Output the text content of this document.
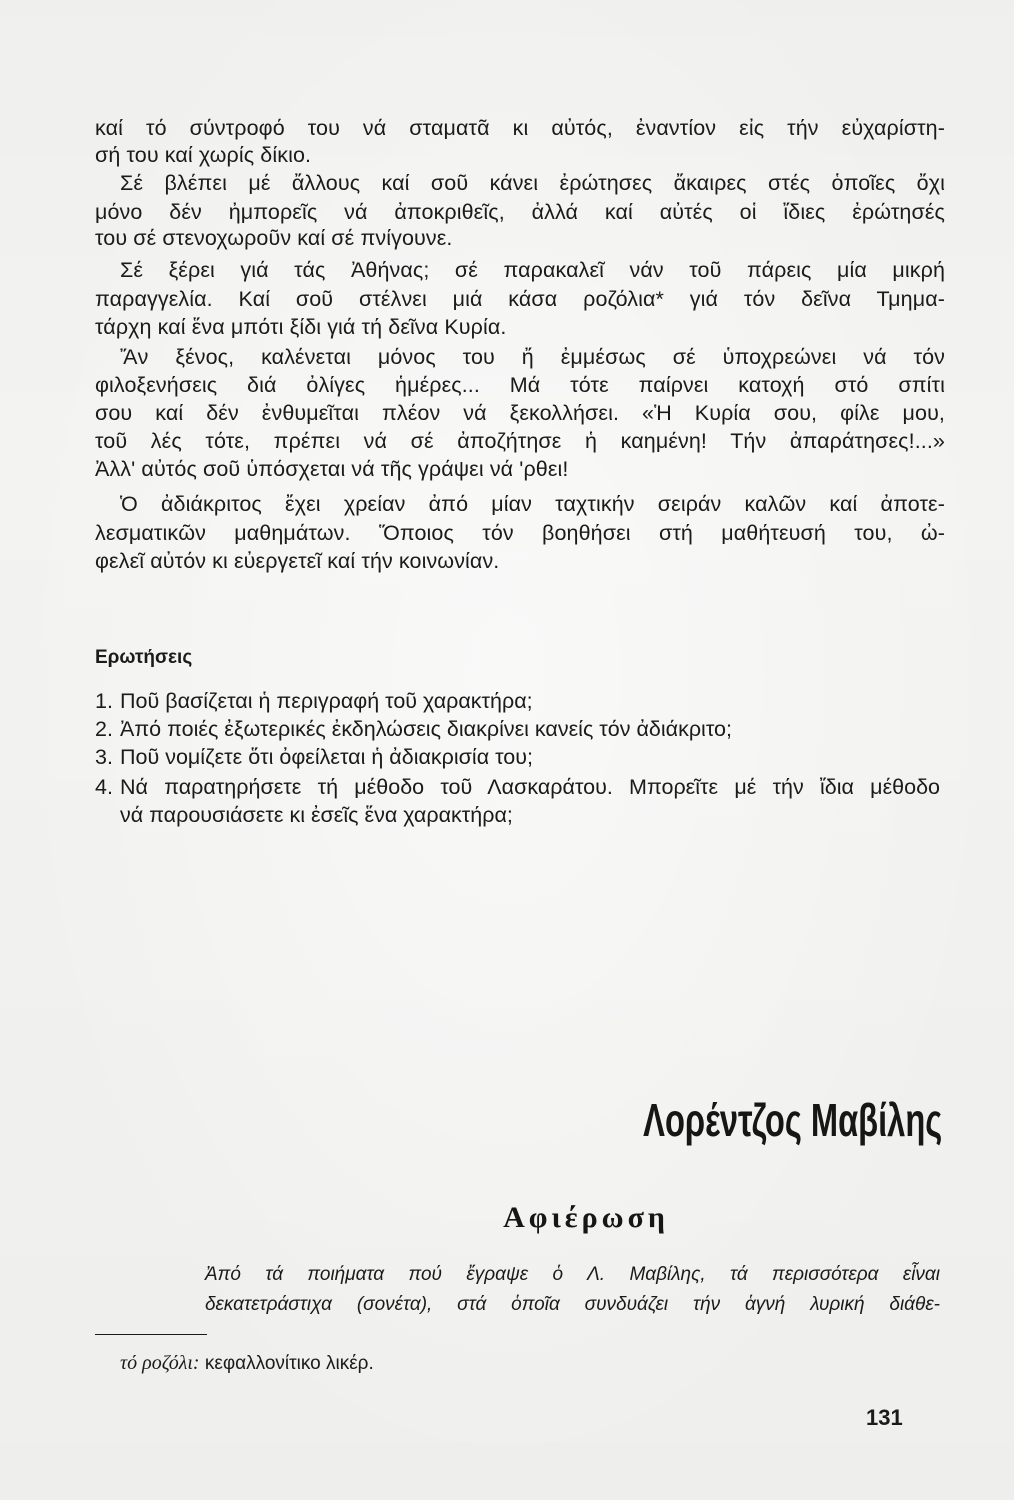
καί τό σύντροφό του νά σταματᾶ κι αὐτός, ἐναντίον εἰς τήν εὐχαρίστη-
σή του καί χωρίς δίκιο.
Σέ βλέπει μέ ἄλλους καί σοῦ κάνει ἐρώτησες ἄκαιρες στές ὁποῖες ὄχι
μόνο δέν ἠμπορεῖς νά ἀποκριθεῖς, ἀλλά καί αὐτές οἱ ἴδιες ἐρώτησές
του σέ στενοχωροῦν καί σέ πνίγουνε.
Σέ ξέρει γιά τάς Ἀθήνας; σέ παρακαλεῖ νάν τοῦ πάρεις μία μικρή
παραγγελία. Καί σοῦ στέλνει μιά κάσα ροζόλια* γιά τόν δεῖνα Τμημα-
τάρχη καί ἕνα μπότι ξίδι γιά τή δεῖνα Κυρία.
Ἄν ξένος, καλένεται μόνος του ἤ ἐμμέσως σέ ὑποχρεώνει νά τόν
φιλοξενήσεις διά ὀλίγες ἡμέρες... Μά τότε παίρνει κατοχή στό σπίτι
σου καί δέν ἐνθυμεῖται πλέον νά ξεκολλήσει. «Ἡ Κυρία σου, φίλε μου,
τοῦ λές τότε, πρέπει νά σέ ἀποζήτησε ἡ καημένη! Τήν ἀπαράτησες!...»
Ἀλλ' αὐτός σοῦ ὑπόσχεται νά τῆς γράψει νά 'ρθει!
Ὁ ἀδιάκριτος ἔχει χρείαν ἀπό μίαν ταχτικήν σειράν καλῶν καί ἀποτε-
λεσματικῶν μαθημάτων. Ὅποιος τόν βοηθήσει στή μαθήτευσή του, ὠ-
φελεῖ αὐτόν κι εὐεργετεῖ καί τήν κοινωνίαν.
Ερωτήσεις
1. Ποῦ βασίζεται ἡ περιγραφή τοῦ χαρακτήρα;
2. Ἀπό ποιές ἐξωτερικές ἐκδηλώσεις διακρίνει κανείς τόν ἀδιάκριτο;
3. Ποῦ νομίζετε ὅτι ὀφείλεται ἡ ἀδιακρισία του;
4. Νά παρατηρήσετε τή μέθοδο τοῦ Λασκαράτου. Μπορεῖτε μέ τήν ἴδια μέθοδο
νά παρουσιάσετε κι ἐσεῖς ἕνα χαρακτήρα;
Λορέντζος Μαβίλης
Αφιέρωση
Ἀπό τά ποιήματα πού ἔγραψε ὁ Λ. Μαβίλης, τά περισσότερα εἶναι
δεκατετράστιχα (σονέτα), στά ὁποῖα συνδυάζει τήν ἁγνή λυρική διάθε-
τό ροζόλι: κεφαλλονίτικο λικέρ.
131
